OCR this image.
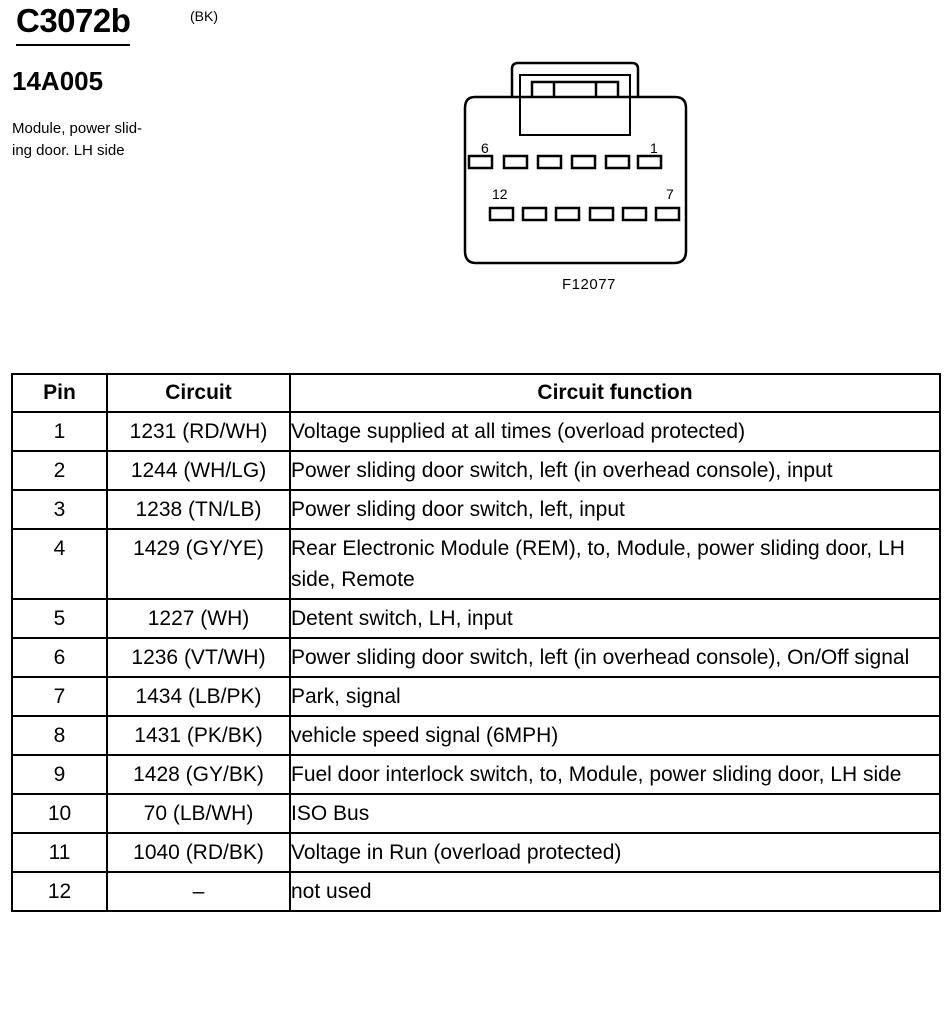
C3072b	(BK)
14A005
Module, power slid-
ing door. LH side	6	1
12	7
F12077
Pin	Circuit	Circuit function
1	1231 (RD/WH)	Voltage supplied at all times (overload protected)
2	1244 (WH/LG)	Power sliding door switch, left (in overhead console), input
3	1238 (TN/LB)	Power sliding door switch, left, input
4	1429 (GY/YE)	Rear Electronic Module (REM), to, Module, power sliding door, LH side, Remote
5	1227 (WH)	Detent switch, LH, input
6	1236 (VT/WH)	Power sliding door switch, left (in overhead console), On/Off signal
7	1434 (LB/PK)	Park, signal
8	1431 (PK/BK)	vehicle speed signal (6MPH)
9	1428 (GY/BK)	Fuel door interlock switch, to, Module, power sliding door, LH side
10	70 (LB/WH)	ISO Bus
11	1040 (RD/BK)	Voltage in Run (overload protected)
12	–	not used
